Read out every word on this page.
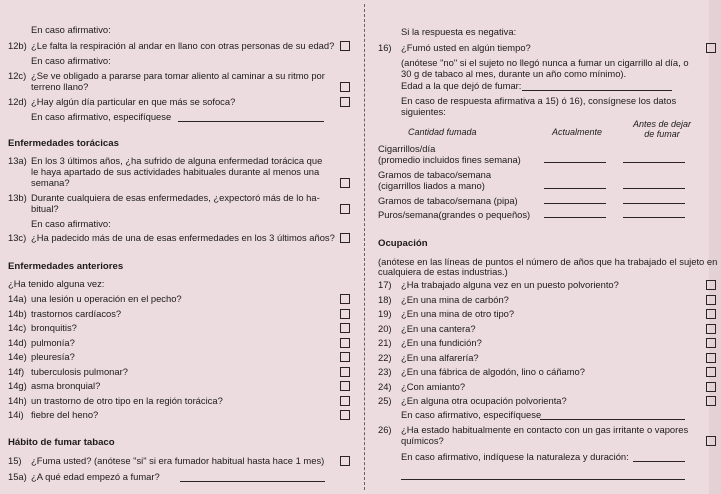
En caso afirmativo:
12b) ¿Le falta la respiración al andar en llano con otras personas de su edad?
En caso afirmativo:
12c) ¿Se ve obligado a pararse para tomar aliento al caminar a su ritmo por
terreno llano?
12d) ¿Hay algún día particular en que más se sofoca?
En caso afirmativo, especifíquese
Enfermedades torácicas
13a) En los 3 últimos años, ¿ha sufrido de alguna enfermedad torácica que
le haya apartado de sus actividades habituales durante al menos una
semana?
13b) Durante cualquiera de esas enfermedades, ¿expectoró más de lo ha-
bitual?
En caso afirmativo:
13c) ¿Ha padecido más de una de esas enfermedades en los 3 últimos años?
Enfermedades anteriores
¿Ha tenido alguna vez:
14a) una lesión u operación en el pecho?
14b) trastornos cardíacos?
14c) bronquitis?
14d) pulmonía?
14e) pleuresía?
14f) tuberculosis pulmonar?
14g) asma bronquial?
14h) un trastorno de otro tipo en la región torácica?
14i) fiebre del heno?
Hábito de fumar tabaco
15) ¿Fuma usted? (anótese "si" si era fumador habitual hasta hace 1 mes)
15a) ¿A qué edad empezó a fumar?
Si la respuesta es negativa:
16) ¿Fumó usted en algún tiempo?
(anótese "no" si el sujeto no llegó nunca a fumar un cigarrillo al día, o
30 g de tabaco al mes, durante un año como mínimo).
Edad a la que dejó de fumar:
En caso de respuesta afirmativa a 15) ó 16), consígnese los datos
siguientes:
Cantidad fumada	Actualmente
Antes de dejar
de fumar
Cigarrillos/día
(promedio incluidos fines semana)
Gramos de tabaco/semana
(cigarrillos liados a mano)
Gramos de tabaco/semana (pipa)
Puros/semana(grandes o pequeños)
Ocupación
(anótese en las líneas de puntos el número de años que ha trabajado el sujeto en
cualquiera de estas industrias.)
17) ¿Ha trabajado alguna vez en un puesto polvoriento?
18) ¿En una mina de carbón?
19) ¿En una mina de otro tipo?
20) ¿En una cantera?
21) ¿En una fundición?
22) ¿En una alfarería?
23) ¿En una fábrica de algodón, lino o cáñamo?
24) ¿Con amianto?
25) ¿En alguna otra ocupación polvorienta?
En caso afirmativo, especifíquese
26) ¿Ha estado habitualmente en contacto con un gas irritante o vapores
químicos?
En caso afirmativo, indíquese la naturaleza y duración:
